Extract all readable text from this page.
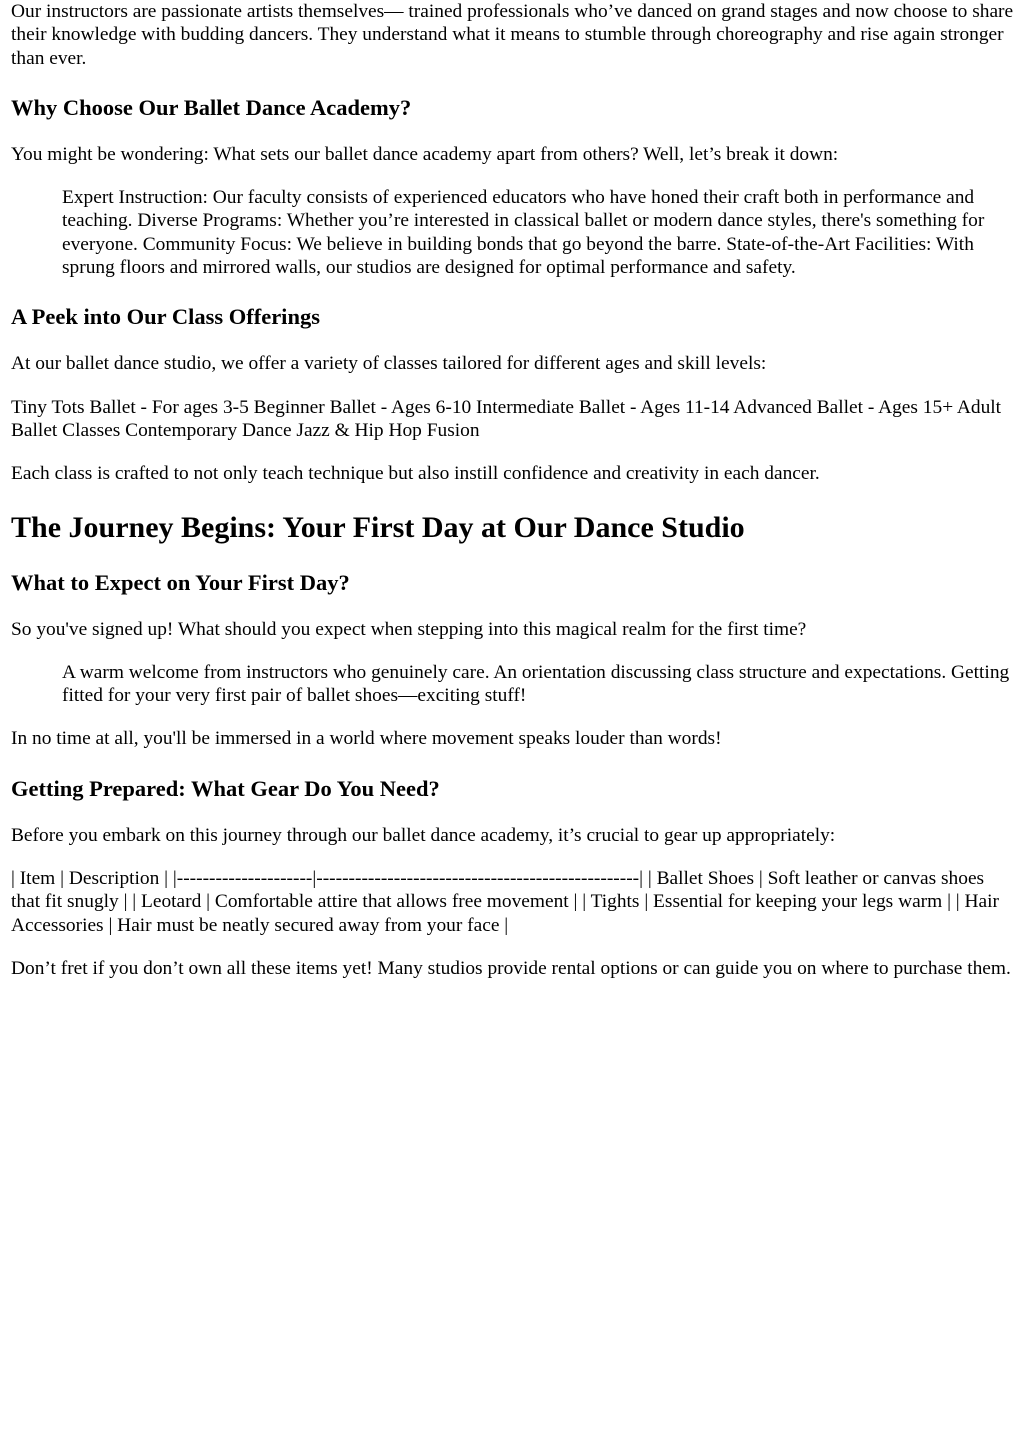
Our instructors are passionate artists themselves— trained professionals who’ve danced on grand stages and now choose to share their knowledge with budding dancers. They understand what it means to stumble through choreography and rise again stronger than ever.

Why Choose Our Ballet Dance Academy?

You might be wondering: What sets our ballet dance academy apart from others? Well, let’s break it down:

Expert Instruction: Our faculty consists of experienced educators who have honed their craft both in performance and teaching. Diverse Programs: Whether you’re interested in classical ballet or modern dance styles, there's something for everyone. Community Focus: We believe in building bonds that go beyond the barre. State-of-the-Art Facilities: With sprung floors and mirrored walls, our studios are designed for optimal performance and safety.
A Peek into Our Class Offerings

At our ballet dance studio, we offer a variety of classes tailored for different ages and skill levels:

Tiny Tots Ballet - For ages 3-5 Beginner Ballet - Ages 6-10 Intermediate Ballet - Ages 11-14 Advanced Ballet - Ages 15+ Adult Ballet Classes Contemporary Dance Jazz & Hip Hop Fusion

Each class is crafted to not only teach technique but also instill confidence and creativity in each dancer.

The Journey Begins: Your First Day at Our Dance Studio
What to Expect on Your First Day?

So you've signed up! What should you expect when stepping into this magical realm for the first time?

A warm welcome from instructors who genuinely care. An orientation discussing class structure and expectations. Getting fitted for your very first pair of ballet shoes—exciting stuff!

In no time at all, you'll be immersed in a world where movement speaks louder than words!

Getting Prepared: What Gear Do You Need?

Before you embark on this journey through our ballet dance academy, it’s crucial to gear up appropriately:

| Item | Description | |---------------------|--------------------------------------------------| | Ballet Shoes | Soft leather or canvas shoes that fit snugly | | Leotard | Comfortable attire that allows free movement | | Tights | Essential for keeping your legs warm | | Hair Accessories | Hair must be neatly secured away from your face |

Don’t fret if you don’t own all these items yet! Many studios provide rental options or can guide you on where to purchase them.
